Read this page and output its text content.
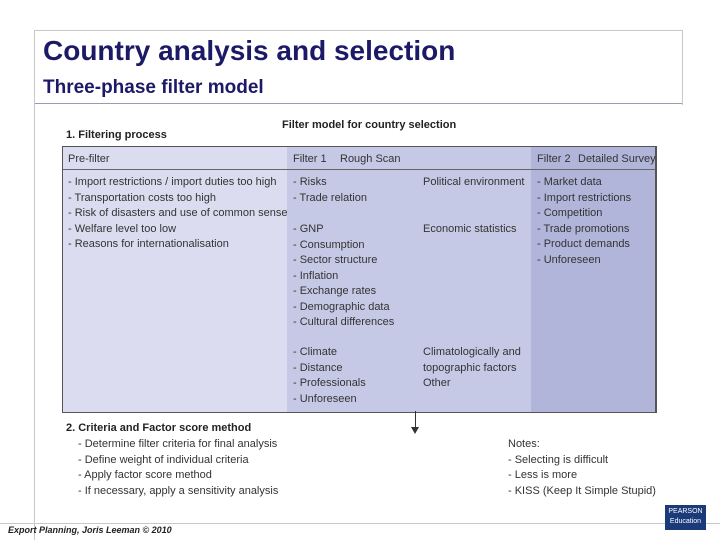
Country analysis and selection
Three-phase filter model
1. Filtering process
Filter model for country selection
Pre-filter	Filter 1 Rough Scan	Filter 2 Detailed Survey
- Import restrictions / import duties too high
- Transportation costs too high
- Risk of disasters and use of common sense
- Welfare level too low
- Reasons for internationalisation
- Risks
- Trade relation
Political environment
- GNP
- Consumption
- Sector structure
- Inflation
- Exchange rates
- Demographic data
- Cultural differences
Economic statistics
- Climate
- Distance
- Professionals
- Unforeseen
Climatologically and
topographic factors
Other
- Market data
- Import restrictions
- Competition
- Trade promotions
- Product demands
- Unforeseen
2. Criteria and Factor score method
- Determine filter criteria for final analysis
- Define weight of individual criteria
- Apply factor score method
- If necessary, apply a sensitivity analysis
Notes:
- Selecting is difficult
- Less is more
- KISS (Keep It Simple Stupid)
Export Planning, Joris Leeman © 2010
PEARSON
Education
